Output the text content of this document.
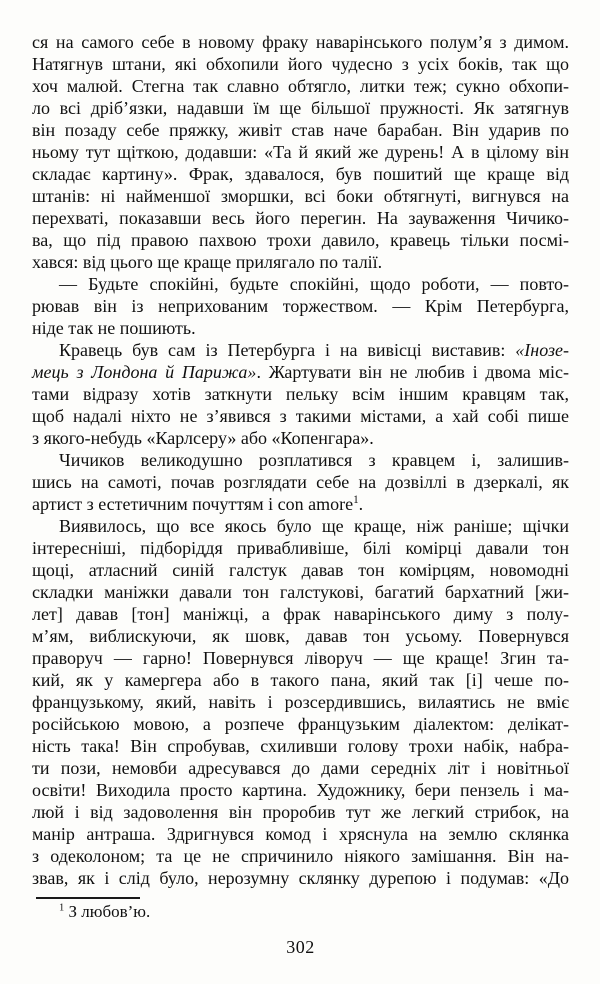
ся на самого себе в новому фраку наварінського полум’я з димом.
Натягнув штани, які обхопили його чудесно з усіх боків, так що
хоч малюй. Стегна так славно обтягло, литки теж; сукно обхопи-
ло всі дріб’язки, надавши їм ще більшої пружності. Як затягнув
він позаду себе пряжку, живіт став наче барабан. Він ударив по
ньому тут щіткою, додавши: «Та й який же дурень! А в цілому він
складає картину». Фрак, здавалося, був пошитий ще краще від
штанів: ні найменшої зморшки, всі боки обтягнуті, вигнувся на
перехваті, показавши весь його перегин. На зауваження Чичико-
ва, що під правою пахвою трохи давило, кравець тільки посмі-
хався: від цього ще краще прилягало по талії.
— Будьте спокійні, будьте спокійні, щодо роботи, — повто-
рював він із неприхованим торжеством. — Крім Петербурга,
ніде так не пошиють.
Кравець був сам із Петербурга і на вивісці виставив: «Інозе-
мець з Лондона й Парижа». Жартувати він не любив і двома міс-
тами відразу хотів заткнути пельку всім іншим кравцям так,
щоб надалі ніхто не з’явився з такими містами, а хай собі пише
з якого-небудь «Карлсеру» або «Копенгара».
Чичиков великодушно розплатився з кравцем і, залишив-
шись на самоті, почав розглядати себе на дозвіллі в дзеркалі, як
артист з естетичним почуттям і con amore$^1$.
Виявилось, що все якось було ще краще, ніж раніше; щічки
інтересніші, підборіддя привабливіше, білі комірці давали тон
щоці, атласний синій галстук давав тон комірцям, новомодні
складки маніжки давали тон галстукові, багатий бархатний [жи-
лет] давав [тон] маніжці, а фрак наварінського диму з полу-
м’ям, виблискуючи, як шовк, давав тон усьому. Повернувся
праворуч — гарно! Повернувся ліворуч — ще краще! Згин та-
кий, як у камергера або в такого пана, який так [і] чеше по-
французькому, який, навіть і розсердившись, вилаятись не вміє
російською мовою, а розпече французьким діалектом: делікат-
ність така! Він спробував, схиливши голову трохи набік, набра-
ти пози, немовби адресувався до дами середніх літ і новітньої
освіти! Виходила просто картина. Художнику, бери пензель і ма-
люй і від задоволення він проробив тут же легкий стрибок, на
манір антраша. Здригнувся комод і хряснула на землю склянка
з одеколоном; та це не спричинило ніякого замішання. Він на-
звав, як і слід було, нерозумну склянку дурепою і подумав: «До
$^1$ З любов’ю.
302
